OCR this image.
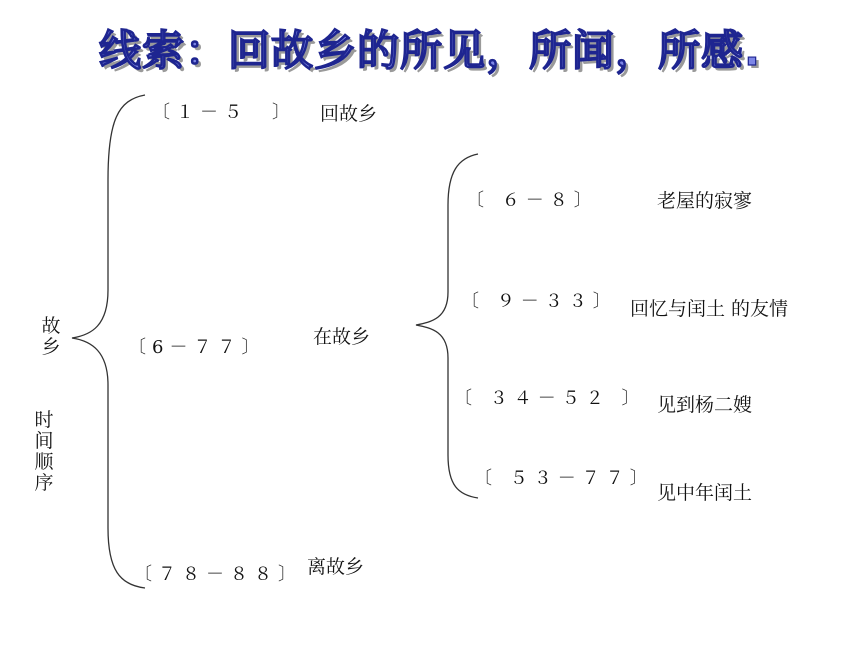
线索：回故乡的所见，所闻，所感.
故乡
时间顺序
〔１－５　〕 回故乡
〔6－７７〕	在故乡
〔７８－８８〕 离故乡
〔 ６－８〕	老屋的寂寥
〔 ９－３３〕 回忆与闰土 的友情
〔 ３４－５２ 〕 见到杨二嫂
〔 ５３－７７〕
见中年闰土
